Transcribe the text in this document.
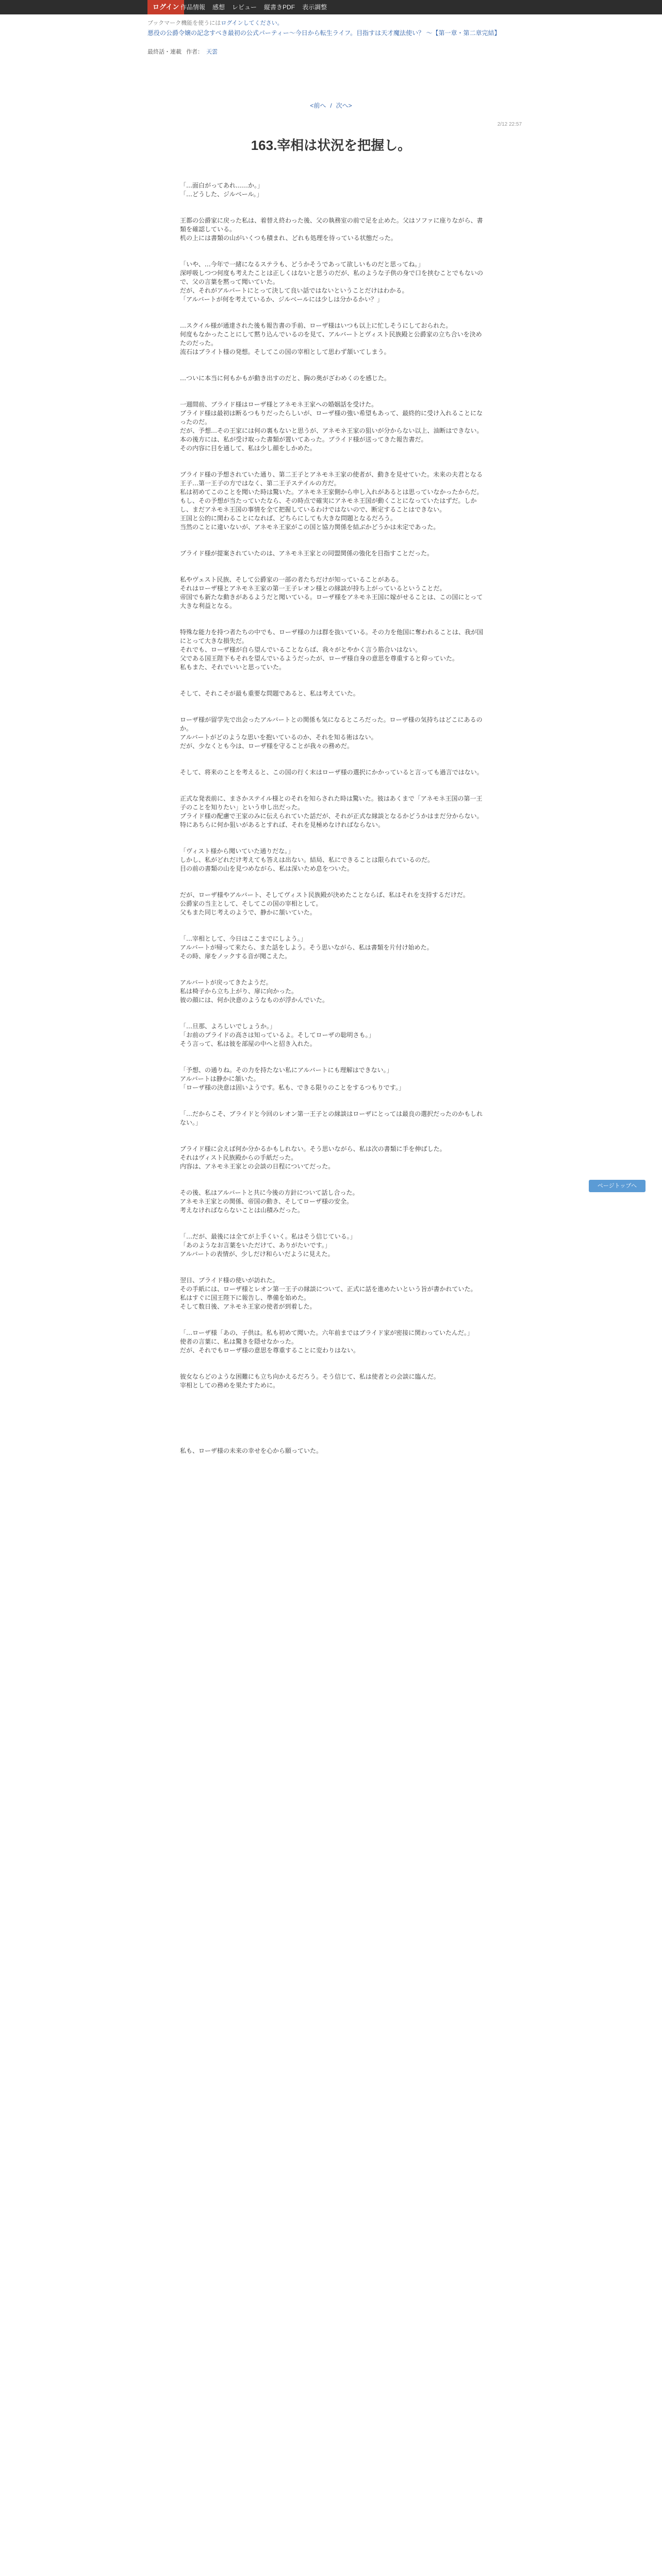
ログイン 作品情報 感想 レビュー 縦書きPDF 表示調整
ブックマーク機能を使うにはログインしてください。
悪役の公爵令嬢の記念すべき最初の公式パーティー～今日から転生ライフ。目指すは天才魔法使い？ ～【第一章・第二章完結】
最終話・連載 作者： 天雲
<前へ / 次へ>
2/12 22:57
163.宰相は状況を把握し。

「…面白がってあれ……か。」
「…どうした、ジルベール。」

王都の公爵家に戻った私は、着替え終わった後、父の執務室の前で足を止めた。父はソファに座りながら、書類を確認している。
机の上には書類の山がいくつも積まれ、どれも処理を待っている状態だった。

「いや、…今年で一緒になるステラも、どうかそうであって欲しいものだと思ってね。」
深呼吸しつつ何度も考えたことは正しくはないと思うのだが、私のような子供の身で口を挟むことでもないので、父の言葉を黙って聞いていた。
だが、それがアルバートにとって決して良い話ではないということだけはわかる。
「アルバートが何を考えているか、ジルベールには少しは分かるかい？」

…スクイル様が通達された後も報告書の手前、ローザ様はいつも以上に忙しそうにしておられた。
何度もなかったことにして黙り込んでいるのを見て、アルバートとヴィスト民族殿と公爵家の立ち合いを決めたのだった。
流石はブライト様の発想。そしてこの国の宰相として思わず頷いてしまう。

…ついに本当に何もかもが動き出すのだと、胸の奥がざわめくのを感じた。

一週間前、ブライド様はローザ様とアネモネ王家への婚姻話を受けた。
ブライド様は最初は断るつもりだったらしいが、ローザ様の強い希望もあって、最終的に受け入れることになったのだ。
だが、予想…その王家には何の裏もないと思うが、アネモネ王家の狙いが分からない以上、油断はできない。
本の後方には、私が受け取った書類が置いてあった。ブライド様が送ってきた報告書だ。
その内容に目を通して、私は少し顔をしかめた。

ブライド様の予想されていた通り、第二王子とアネモネ王家の使者が、動きを見せていた。未来の夫君となる王子…第一王子の方ではなく、第二王子ステイルの方だ。
私は初めてこのことを聞いた時は驚いた。アネモネ王家側から申し入れがあるとは思っていなかったからだ。
もし、その予想が当たっていたなら、その時点で確実にアネモネ王国が動くことになっていたはずだ。しかし、まだアネモネ王国の事情を全て把握しているわけではないので、断定することはできない。
王国と公的に関わることになれば、どちらにしても大きな問題となるだろう。
当然のことに違いないが、アネモネ王家がこの国と協力関係を結ぶかどうかは未定であった。

ブライド様が提案されていたのは、アネモネ王家との同盟関係の強化を目指すことだった。

私やヴェスト民族、そして公爵家の一部の者たちだけが知っていることがある。
それはローザ様とアネモネ王家の第一王子レオン様との縁談が持ち上がっているということだ。
帝国でも新たな動きがあるようだと聞いている。ローザ様をアネモネ王国に嫁がせることは、この国にとって大きな利益となる。

特殊な能力を持つ者たちの中でも、ローザ様の力は群を抜いている。その力を他国に奪われることは、我が国にとって大きな損失だ。
それでも、ローザ様が自ら望んでいることならば、我々がとやかく言う筋合いはない。
父である国王陛下もそれを望んでいるようだったが、ローザ様自身の意思を尊重すると仰っていた。
私もまた、それでいいと思っていた。

そして、それこそが最も重要な問題であると、私は考えていた。

ローザ様が留学先で出会ったアルバートとの関係も気になるところだった。ローザ様の気持ちはどこにあるのか。
アルバートがどのような思いを抱いているのか、それを知る術はない。
だが、少なくとも今は、ローザ様を守ることが我々の務めだ。

そして、将来のことを考えると、この国の行く末はローザ様の選択にかかっていると言っても過言ではない。

正式な発表前に、まさかステイル様とのそれを知らされた時は驚いた。彼はあくまで「アネモネ王国の第一王子のことを知りたい」という申し出だった。
ブライド様の配慮で王家のみに伝えられていた話だが、それが正式な縁談となるかどうかはまだ分からない。
特にあちらに何か狙いがあるとすれば、それを見極めなければならない。

「ヴィスト様から聞いていた通りだな。」
しかし、私がどれだけ考えても答えは出ない。結局、私にできることは限られているのだ。
目の前の書類の山を見つめながら、私は深いため息をついた。

だが、ローザ様やアルバート、そしてヴィスト民族殿が決めたことならば、私はそれを支持するだけだ。
公爵家の当主として、そしてこの国の宰相として。
父もまた同じ考えのようで、静かに頷いていた。

「…宰相として、今日はここまでにしよう。」
アルバートが帰って来たら、また話をしよう。そう思いながら、私は書類を片付け始めた。
その時、扉をノックする音が聞こえた。

アルバートが戻ってきたようだ。
私は椅子から立ち上がり、扉に向かった。
彼の顔には、何か決意のようなものが浮かんでいた。

「…旦那、よろしいでしょうか。」
「お前のプライドの高さは知っているよ。そしてローザの聡明さも。」
そう言って、私は彼を部屋の中へと招き入れた。

「予想、の通りね。その力を持たない私にアルバートにも理解はできない。」
アルバートは静かに頷いた。
「ローザ様の決意は固いようです。私も、できる限りのことをするつもりです。」

「…だからこそ、ブライドと今回のレオン第一王子との縁談はローザにとっては最良の選択だったのかもしれない。」

ブライド様に会えば何か分かるかもしれない。そう思いながら、私は次の書類に手を伸ばした。
それはヴィスト民族殿からの手紙だった。
内容は、アネモネ王家との会談の日程についてだった。

その後、私はアルバートと共に今後の方針について話し合った。
アネモネ王家との関係、帝国の動き、そしてローザ様の安全。
考えなければならないことは山積みだった。

「…だが、最後には全てが上手くいく。私はそう信じている。」
「あのようなお言葉をいただけて、ありがたいです。」
アルバートの表情が、少しだけ和らいだように見えた。

翌日、ブライド様の使いが訪れた。
その手紙には、ローザ様とレオン第一王子の縁談について、正式に話を進めたいという旨が書かれていた。
私はすぐに国王陛下に報告し、準備を始めた。
そして数日後、アネモネ王家の使者が到着した。

「…ローザ様「あの、子供は。私も初めて聞いた。六年前まではブライド家が密接に関わっていたんだ。」
使者の言葉に、私は驚きを隠せなかった。
だが、それでもローザ様の意思を尊重することに変わりはない。

彼女ならどのような困難にも立ち向かえるだろう。そう信じて、私は使者との会談に臨んだ。
宰相としての務めを果たすために。

私も、ローザ様の未来の幸せを心から願っていた。

ページトップへ
